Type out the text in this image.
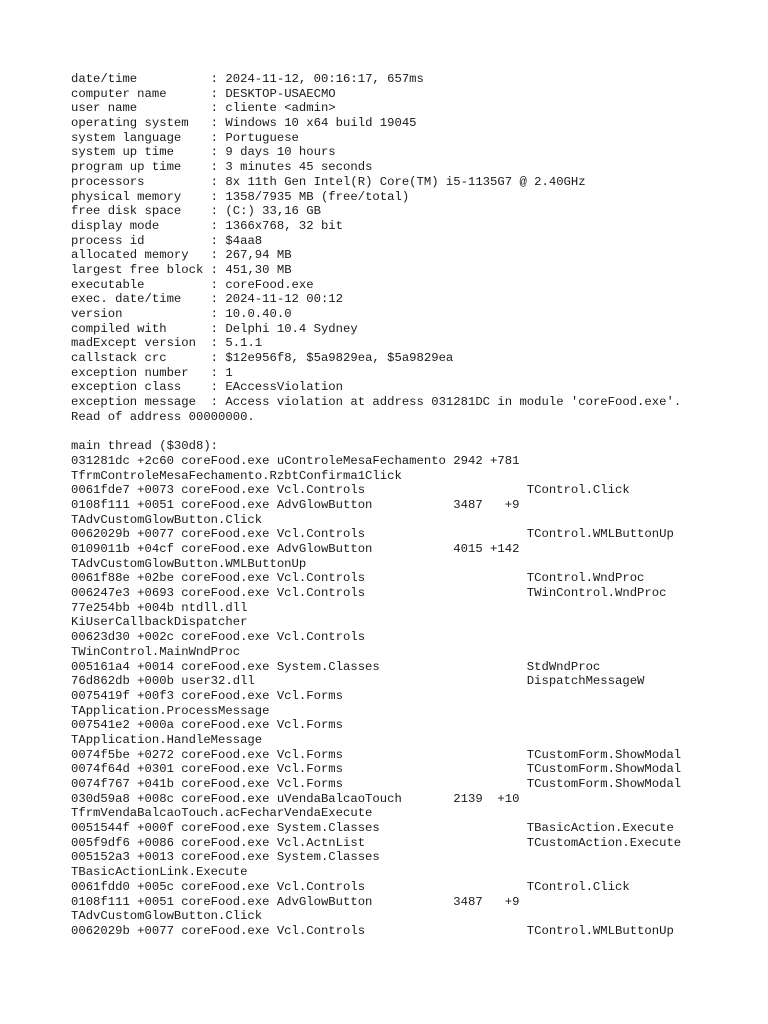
date/time          : 2024-11-12, 00:16:17, 657ms
computer name      : DESKTOP-USAECMO
user name          : cliente <admin>
operating system   : Windows 10 x64 build 19045
system language    : Portuguese
system up time     : 9 days 10 hours
program up time    : 3 minutes 45 seconds
processors         : 8x 11th Gen Intel(R) Core(TM) i5-1135G7 @ 2.40GHz
physical memory    : 1358/7935 MB (free/total)
free disk space    : (C:) 33,16 GB
display mode       : 1366x768, 32 bit
process id         : $4aa8
allocated memory   : 267,94 MB
largest free block : 451,30 MB
executable         : coreFood.exe
exec. date/time    : 2024-11-12 00:12
version            : 10.0.40.0
compiled with      : Delphi 10.4 Sydney
madExcept version  : 5.1.1
callstack crc      : $12e956f8, $5a9829ea, $5a9829ea
exception number   : 1
exception class    : EAccessViolation
exception message  : Access violation at address 031281DC in module 'coreFood.exe'.
Read of address 00000000.
main thread ($30d8):
031281dc +2c60 coreFood.exe uControleMesaFechamento 2942 +781
TfrmControleMesaFechamento.RzbtConfirma1Click
0061fde7 +0073 coreFood.exe Vcl.Controls                      TControl.Click
0108f111 +0051 coreFood.exe AdvGlowButton           3487   +9
TAdvCustomGlowButton.Click
0062029b +0077 coreFood.exe Vcl.Controls                      TControl.WMLButtonUp
0109011b +04cf coreFood.exe AdvGlowButton           4015 +142
TAdvCustomGlowButton.WMLButtonUp
0061f88e +02be coreFood.exe Vcl.Controls                      TControl.WndProc
006247e3 +0693 coreFood.exe Vcl.Controls                      TWinControl.WndProc
77e254bb +004b ntdll.dll
KiUserCallbackDispatcher
00623d30 +002c coreFood.exe Vcl.Controls
TWinControl.MainWndProc
005161a4 +0014 coreFood.exe System.Classes                    StdWndProc
76d862db +000b user32.dll                                     DispatchMessageW
0075419f +00f3 coreFood.exe Vcl.Forms
TApplication.ProcessMessage
007541e2 +000a coreFood.exe Vcl.Forms
TApplication.HandleMessage
0074f5be +0272 coreFood.exe Vcl.Forms                         TCustomForm.ShowModal
0074f64d +0301 coreFood.exe Vcl.Forms                         TCustomForm.ShowModal
0074f767 +041b coreFood.exe Vcl.Forms                         TCustomForm.ShowModal
030d59a8 +008c coreFood.exe uVendaBalcaoTouch       2139  +10
TfrmVendaBalcaoTouch.acFecharVendaExecute
0051544f +000f coreFood.exe System.Classes                    TBasicAction.Execute
005f9df6 +0086 coreFood.exe Vcl.ActnList                      TCustomAction.Execute
005152a3 +0013 coreFood.exe System.Classes
TBasicActionLink.Execute
0061fdd0 +005c coreFood.exe Vcl.Controls                      TControl.Click
0108f111 +0051 coreFood.exe AdvGlowButton           3487   +9
TAdvCustomGlowButton.Click
0062029b +0077 coreFood.exe Vcl.Controls                      TControl.WMLButtonUp
